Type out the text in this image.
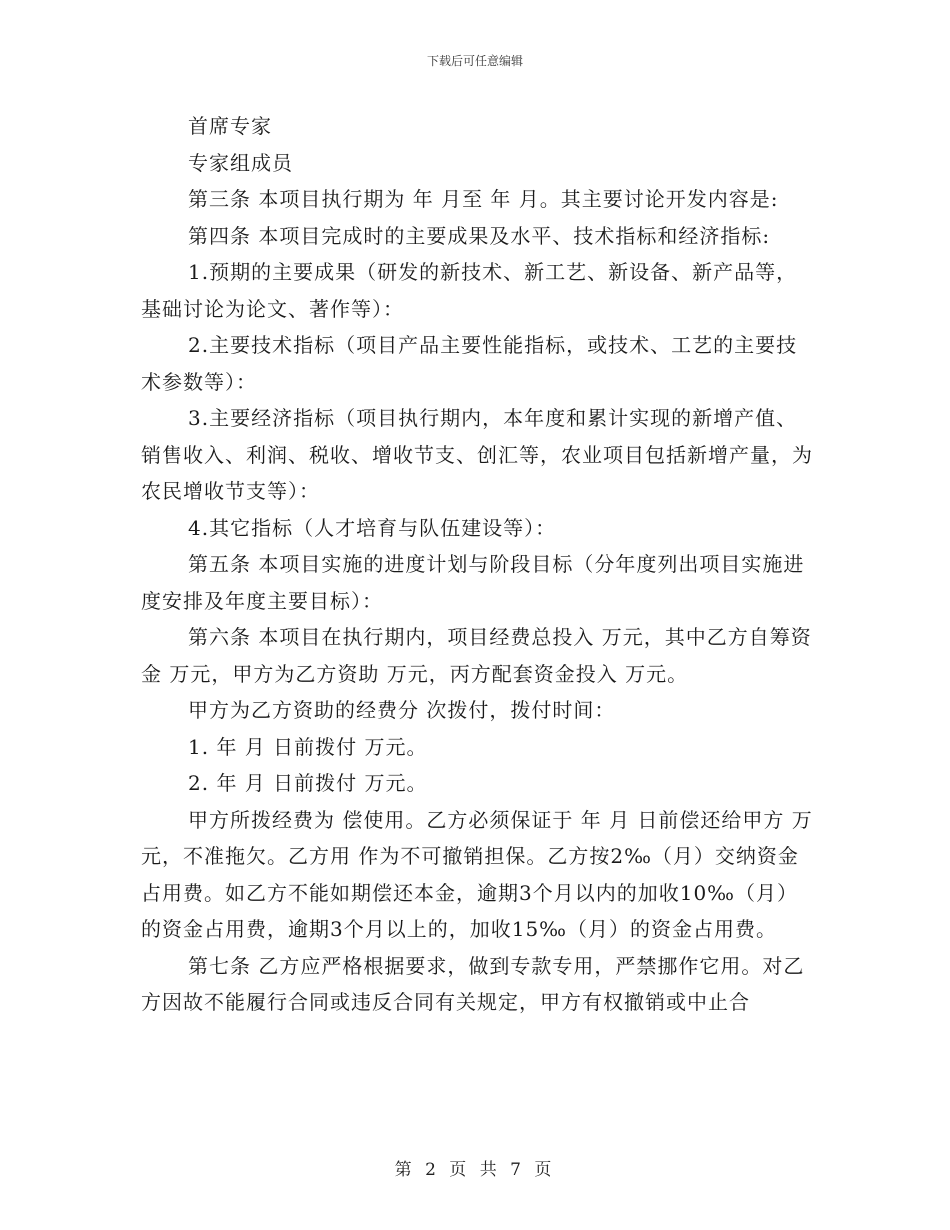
下载后可任意编辑

首席专家

专家组成员

第三条 本项目执行期为 年 月至 年 月。其主要讨论开发内容是:

第四条 本项目完成时的主要成果及水平、技术指标和经济指标:

1.预期的主要成果（研发的新技术、新工艺、新设备、新产品等，基础讨论为论文、著作等）：

2.主要技术指标（项目产品主要性能指标，或技术、工艺的主要技术参数等）：

3.主要经济指标（项目执行期内，本年度和累计实现的新增产值、销售收入、利润、税收、增收节支、创汇等，农业项目包括新增产量，为农民增收节支等）：

4.其它指标（人才培育与队伍建设等）：

第五条 本项目实施的进度计划与阶段目标（分年度列出项目实施进度安排及年度主要目标）：

第六条 本项目在执行期内，项目经费总投入 万元，其中乙方自筹资金 万元，甲方为乙方资助 万元，丙方配套资金投入 万元。

甲方为乙方资助的经费分 次拨付，拨付时间：

1. 年 月 日前拨付 万元。

2. 年 月 日前拨付 万元。

甲方所拨经费为 偿使用。乙方必须保证于 年 月 日前偿还给甲方 万元，不准拖欠。乙方用 作为不可撤销担保。乙方按2‰（月）交纳资金占用费。如乙方不能如期偿还本金，逾期3个月以内的加收10‰（月）的资金占用费，逾期3个月以上的，加收15‰（月）的资金占用费。

第七条 乙方应严格根据要求，做到专款专用，严禁挪作它用。对乙方因故不能履行合同或违反合同有关规定，甲方有权撤销或中止合

第 2 页 共 7 页
